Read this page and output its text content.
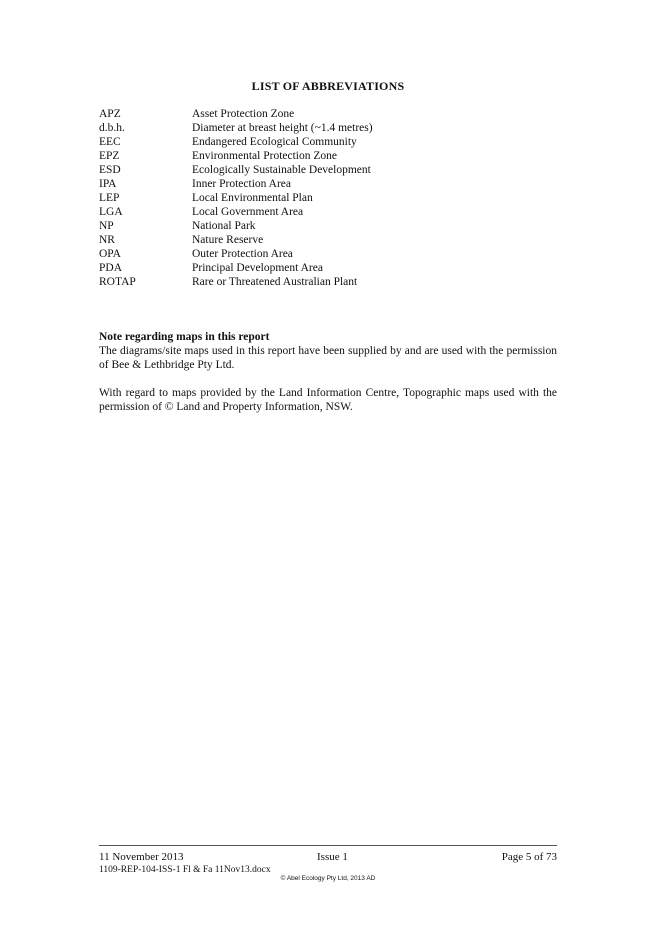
LIST OF ABBREVIATIONS
APZ	Asset Protection Zone
d.b.h.	Diameter at breast height (~1.4 metres)
EEC	Endangered Ecological Community
EPZ	Environmental Protection Zone
ESD	Ecologically Sustainable Development
IPA	Inner Protection Area
LEP	Local Environmental Plan
LGA	Local Government Area
NP	National Park
NR	Nature Reserve
OPA	Outer Protection Area
PDA	Principal Development Area
ROTAP	Rare or Threatened Australian Plant
Note regarding maps in this report

The diagrams/site maps used in this report have been supplied by and are used with the permission of Bee & Lethbridge Pty Ltd.

With regard to maps provided by the Land Information Centre, Topographic maps used with the permission of © Land and Property Information, NSW.

11 November 2013	Issue 1	Page 5 of 73
1109-REP-104-ISS-1 Fl & Fa 11Nov13.docx
© Abel Ecology Pty Ltd, 2013 AD
